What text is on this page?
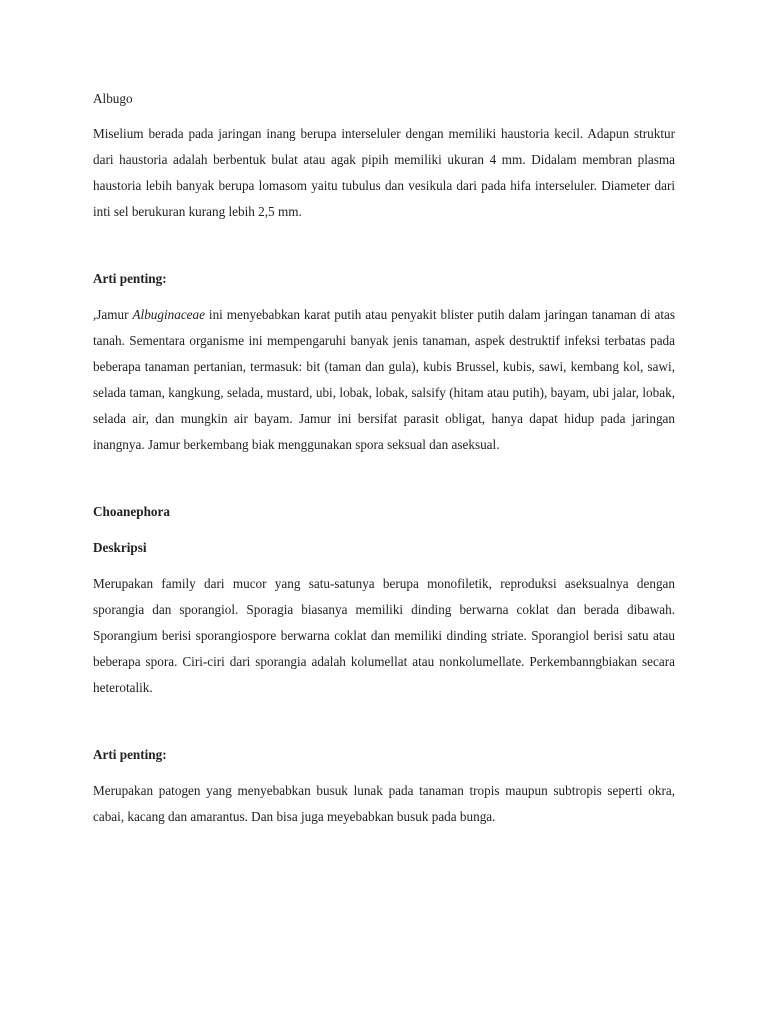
Albugo

Miselium berada pada jaringan inang berupa interseluler dengan memiliki haustoria kecil. Adapun struktur dari haustoria adalah berbentuk bulat atau agak pipih memiliki ukuran 4 mm. Didalam membran plasma haustoria lebih banyak berupa lomasom yaitu tubulus dan vesikula dari pada hifa interseluler. Diameter dari inti sel berukuran kurang lebih 2,5 mm.

Arti penting:

,Jamur Albuginaceae ini menyebabkan karat putih atau penyakit blister putih dalam jaringan tanaman di atas tanah. Sementara organisme ini mempengaruhi banyak jenis tanaman, aspek destruktif infeksi terbatas pada beberapa tanaman pertanian, termasuk: bit (taman dan gula), kubis Brussel, kubis, sawi, kembang kol, sawi, selada taman, kangkung, selada, mustard, ubi, lobak, lobak, salsify (hitam atau putih), bayam, ubi jalar, lobak, selada air, dan mungkin air bayam. Jamur ini bersifat parasit obligat, hanya dapat hidup pada jaringan inangnya. Jamur berkembang biak menggunakan spora seksual dan aseksual.

Choanephora

Deskripsi

Merupakan family dari mucor yang satu-satunya berupa monofiletik, reproduksi aseksualnya dengan sporangia dan sporangiol. Sporagia biasanya memiliki dinding berwarna coklat dan berada dibawah. Sporangium berisi sporangiospore berwarna coklat dan memiliki dinding striate. Sporangiol berisi satu atau beberapa spora. Ciri-ciri dari sporangia adalah kolumellat atau nonkolumellate. Perkembanngbiakan secara heterotalik.

Arti penting:

Merupakan patogen yang menyebabkan busuk lunak pada tanaman tropis maupun subtropis seperti okra, cabai, kacang dan amarantus. Dan bisa juga meyebabkan busuk pada bunga.
